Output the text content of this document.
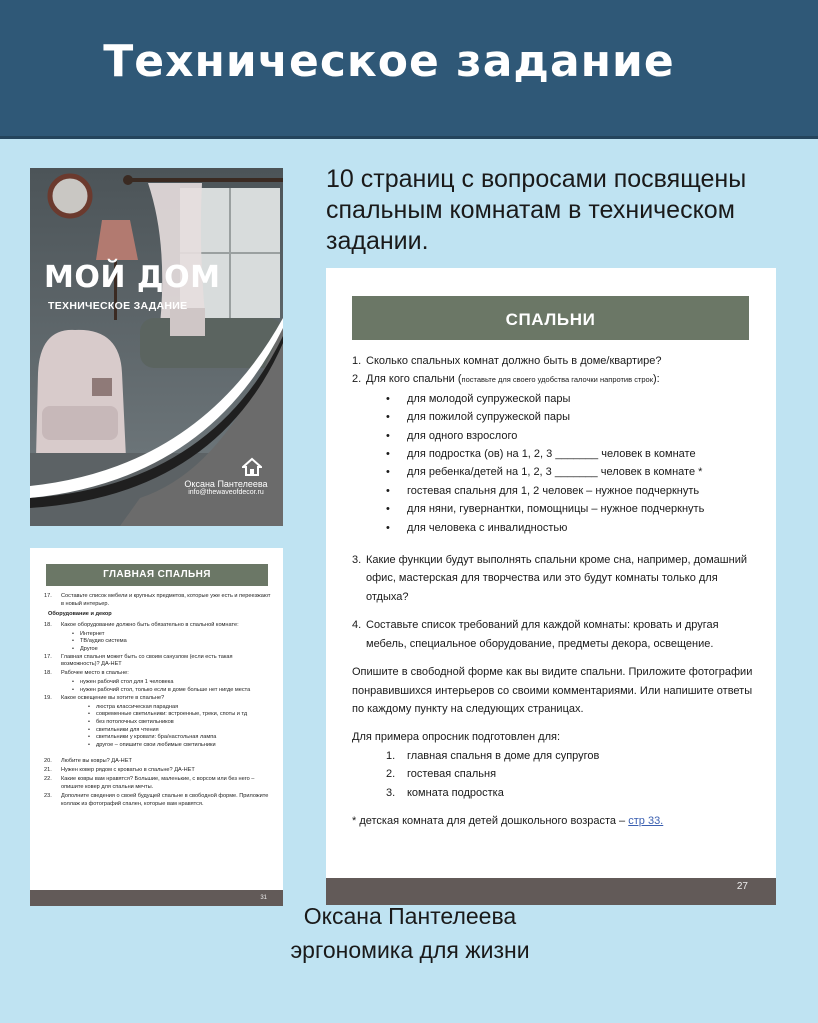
Техническое задание
МОЙ ДОМ
ТЕХНИЧЕСКОЕ ЗАДАНИЕ
Оксана Пантелеева
info@thewaveofdecor.ru
ГЛАВНАЯ СПАЛЬНЯ
17. Составьте список мебели и крупных предметов, которые уже есть и переезжают в новый интерьер.
Оборудование и декор
18. Какое оборудование должно быть обязательно в спальной комнате:
• Интернет
• ТВ/аудио система
• Другое
17. Главная спальня может быть со своим санузлом (если есть такая возможность)? ДА-НЕТ
18. Рабочее место в спальне:
• нужен рабочий стол для 1 человека
• нужен рабочий стол, только если в доме больше нет нигде места
19. Какое освещение вы хотите в спальне?
• люстра классическая парадная
• современные светильники: встроенные, треки, споты и тд
• без потолочных светильников
• светильники для чтения
• светильники у кровати: бра/настольная лампа
• другое – опишите свои любимые светильники
20. Любите вы ковры? ДА-НЕТ
21. Нужен ковер рядом с кроватью в спальне? ДА-НЕТ
22. Какие ковры вам нравятся? Большие, маленькие, с ворсом или без него – опишите ковер для спальни мечты.
23. Дополните сведения о своей будущей спальне в свободной форме. Приложите коллаж из фотографий спален, которые вам нравятся.
31
10 страниц с вопросами посвящены спальным комнатам в техническом задании.
СПАЛЬНИ
1. Сколько спальных комнат должно быть в доме/квартире?
2. Для кого спальни (поставьте для своего удобства галочки напротив строк):
• для молодой супружеской пары
• для пожилой супружеской пары
• для одного взрослого
• для подростка (ов) на 1, 2, 3 _______ человек в комнате
• для ребенка/детей на 1, 2, 3 _______ человек в комнате *
• гостевая спальня для 1, 2 человек – нужное подчеркнуть
• для няни, гувернантки, помощницы – нужное подчеркнуть
• для человека с инвалидностью
3. Какие функции будут выполнять спальни кроме сна, например, домашний офис, мастерская для творчества или это будут комнаты только для отдыха?
4. Составьте список требований для каждой комнаты: кровать и другая мебель, специальное оборудование, предметы декора, освещение.
Опишите в свободной форме как вы видите спальни. Приложите фотографии понравившихся интерьеров со своими комментариями. Или напишите ответы по каждому пункту на следующих страницах.
Для примера опросник подготовлен для:
1. главная спальня в доме для супругов
2. гостевая спальня
3. комната подростка
* детская комната для детей дошкольного возраста – стр 33.
27
Оксана Пантелеева
эргономика для жизни
